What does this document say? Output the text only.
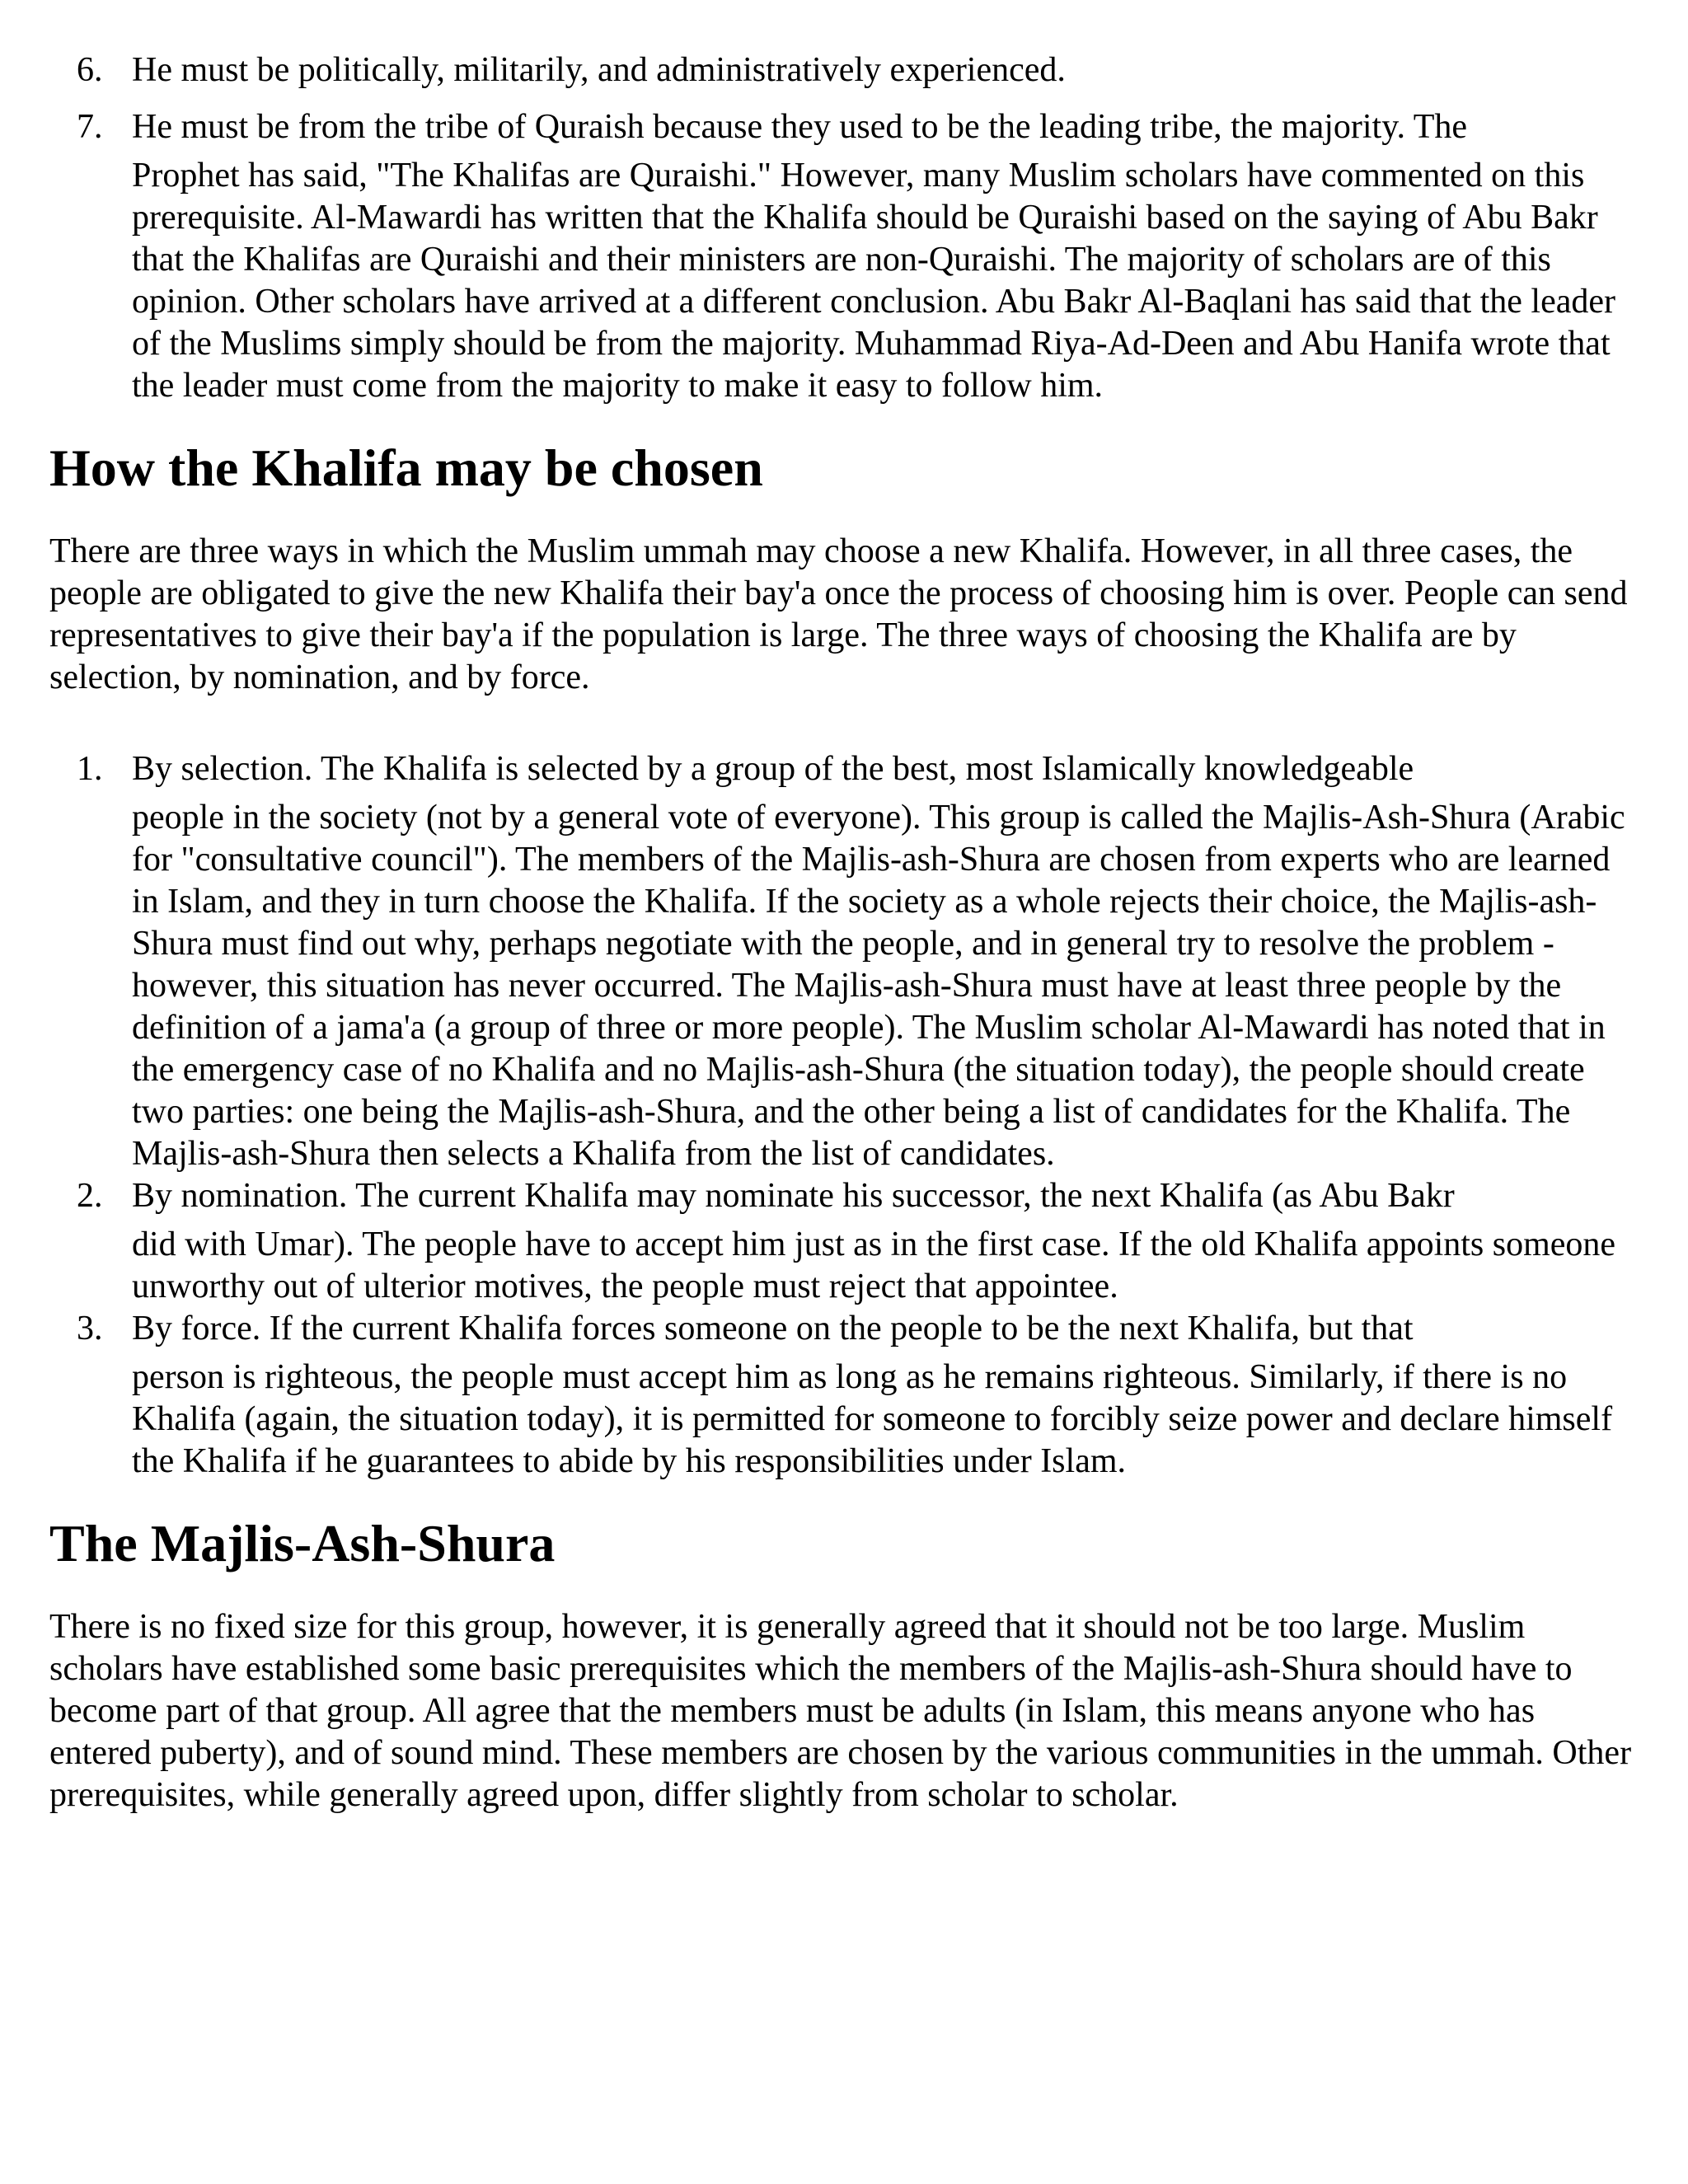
6. He must be politically, militarily, and administratively experienced.
7. He must be from the tribe of Quraish because they used to be the leading tribe, the majority. The
Prophet has said, "The Khalifas are Quraishi." However, many Muslim scholars have commented on this prerequisite. Al-Mawardi has written that the Khalifa should be Quraishi based on the saying of Abu Bakr that the Khalifas are Quraishi and their ministers are non-Quraishi. The majority of scholars are of this opinion. Other scholars have arrived at a different conclusion. Abu Bakr Al-Baqlani has said that the leader of the Muslims simply should be from the majority. Muhammad Riya-Ad-Deen and Abu Hanifa wrote that the leader must come from the majority to make it easy to follow him.
How the Khalifa may be chosen

There are three ways in which the Muslim ummah may choose a new Khalifa. However, in all three cases, the people are obligated to give the new Khalifa their bay'a once the process of choosing him is over. People can send representatives to give their bay'a if the population is large. The three ways of choosing the Khalifa are by selection, by nomination, and by force.

1. By selection. The Khalifa is selected by a group of the best, most Islamically knowledgeable
people in the society (not by a general vote of everyone). This group is called the Majlis-Ash-Shura (Arabic for "consultative council"). The members of the Majlis-ash-Shura are chosen from experts who are learned in Islam, and they in turn choose the Khalifa. If the society as a whole rejects their choice, the Majlis-ash-Shura must find out why, perhaps negotiate with the people, and in general try to resolve the problem - however, this situation has never occurred. The Majlis-ash-Shura must have at least three people by the definition of a jama'a (a group of three or more people). The Muslim scholar Al-Mawardi has noted that in the emergency case of no Khalifa and no Majlis-ash-Shura (the situation today), the people should create two parties: one being the Majlis-ash-Shura, and the other being a list of candidates for the Khalifa. The Majlis-ash-Shura then selects a Khalifa from the list of candidates.
2. By nomination. The current Khalifa may nominate his successor, the next Khalifa (as Abu Bakr
did with Umar). The people have to accept him just as in the first case. If the old Khalifa appoints someone unworthy out of ulterior motives, the people must reject that appointee.
3. By force. If the current Khalifa forces someone on the people to be the next Khalifa, but that
person is righteous, the people must accept him as long as he remains righteous. Similarly, if there is no Khalifa (again, the situation today), it is permitted for someone to forcibly seize power and declare himself the Khalifa if he guarantees to abide by his responsibilities under Islam.
The Majlis-Ash-Shura

There is no fixed size for this group, however, it is generally agreed that it should not be too large. Muslim scholars have established some basic prerequisites which the members of the Majlis-ash-Shura should have to become part of that group. All agree that the members must be adults (in Islam, this means anyone who has entered puberty), and of sound mind. These members are chosen by the various communities in the ummah. Other prerequisites, while generally agreed upon, differ slightly from scholar to scholar.
